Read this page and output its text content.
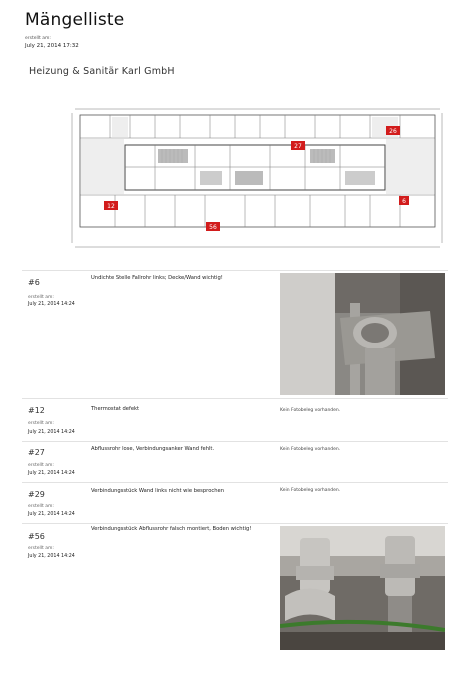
Mängelliste
erstellt am:
July 21, 2014 17:32
Heizung & Sanitär Karl GmbH
26
27
12
6
56
#6
erstellt am:
July 21, 2014 14:24
Undichte Stelle Fallrohr links; Decke/Wand wichtig!
#12
erstellt am:
July 21, 2014 14:24
Thermostat defekt	Kein Fotobeleg vorhanden.
#27
erstellt am:
July 21, 2014 14:24
Abflussrohr lose, Verbindungsanker Wand fehlt.	Kein Fotobeleg vorhanden.
#29
erstellt am:
July 21, 2014 14:24
Verbindungsstück Wand links nicht wie besprochen	Kein Fotobeleg vorhanden.
#56
erstellt am:
July 21, 2014 14:24
Verbindungsstück Abflussrohr falsch montiert, Boden wichtig!
